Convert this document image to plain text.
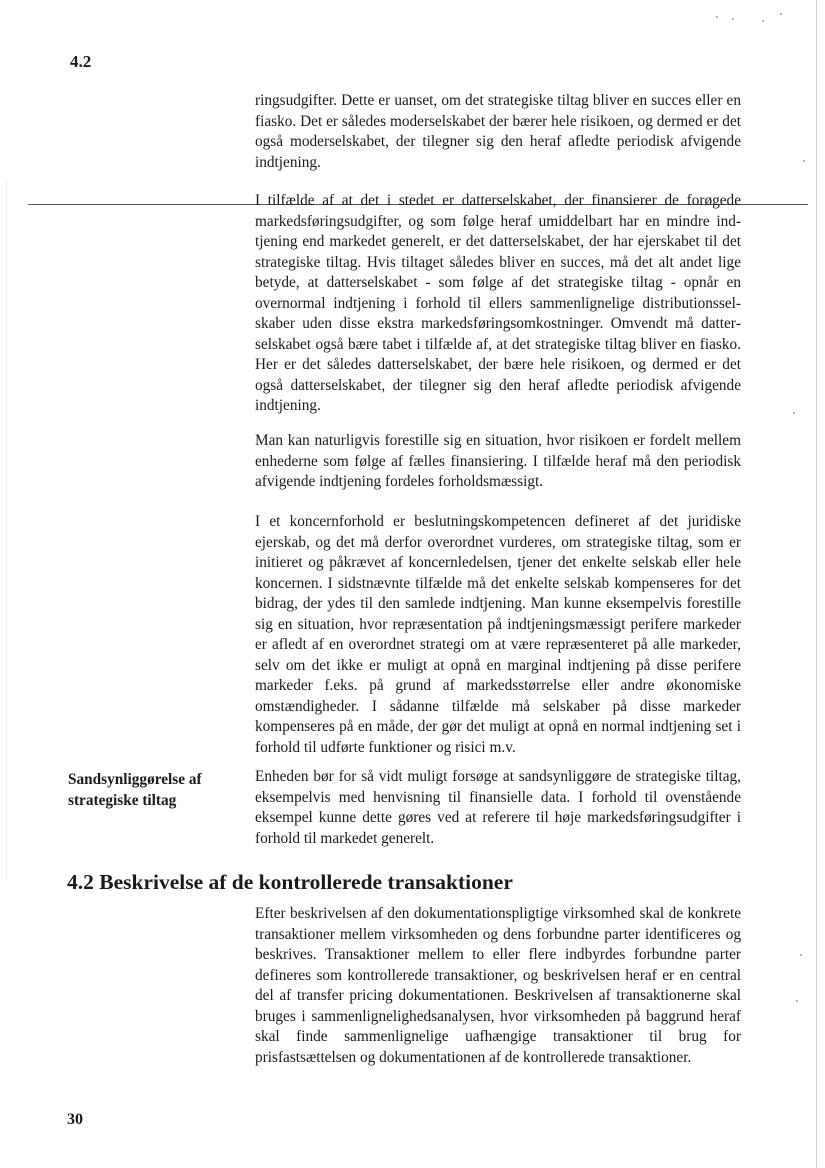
4.2

ringsudgifter. Dette er uanset, om det strategiske tiltag bliver en succes eller en fiasko. Det er således moderselskabet der bærer hele risikoen, og dermed er det også moderselskabet, der tilegner sig den heraf afledte periodisk afvigende indtjening.

I tilfælde af at det i stedet er datterselskabet, der finansierer de forøgede markedsføringsudgifter, og som følge heraf umiddelbart har en mindre indtjening end markedet generelt, er det datterselskabet, der har ejerskabet til det strategiske tiltag. Hvis tiltaget således bliver en succes, må det alt andet lige betyde, at datterselskabet - som følge af det strategiske tiltag - opnår en overnormal indtjening i forhold til ellers sammenlignelige distributionsselskaber uden disse ekstra markedsføringsomkostninger. Omvendt må datterselskabet også bære tabet i tilfælde af, at det strategiske tiltag bliver en fiasko. Her er det således datterselskabet, der bære hele risikoen, og dermed er det også datterselskabet, der tilegner sig den heraf afledte periodisk afvigende indtjening.

Man kan naturligvis forestille sig en situation, hvor risikoen er fordelt mellem enhederne som følge af fælles finansiering. I tilfælde heraf må den periodisk afvigende indtjening fordeles forholdsmæssigt.

I et koncernforhold er beslutningskompetencen defineret af det juridiske ejerskab, og det må derfor overordnet vurderes, om strategiske tiltag, som er initieret og påkrævet af koncernledelsen, tjener det enkelte selskab eller hele koncernen. I sidstnævnte tilfælde må det enkelte selskab kompenseres for det bidrag, der ydes til den samlede indtjening. Man kunne eksempelvis forestille sig en situation, hvor repræsentation på indtjeningsmæssigt perifere markeder er afledt af en overordnet strategi om at være repræsenteret på alle markeder, selv om det ikke er muligt at opnå en marginal indtjening på disse perifere markeder f.eks. på grund af markedsstørrelse eller andre økonomiske omstændigheder. I sådanne tilfælde må selskaber på disse markeder kompenseres på en måde, der gør det muligt at opnå en normal indtjening set i forhold til udførte funktioner og risici m.v.

Sandsynliggørelse af strategiske tiltag

Enheden bør for så vidt muligt forsøge at sandsynliggøre de strategiske tiltag, eksempelvis med henvisning til finansielle data. I forhold til ovenstående eksempel kunne dette gøres ved at referere til høje markedsføringsudgifter i forhold til markedet generelt.

4.2 Beskrivelse af de kontrollerede transaktioner

Efter beskrivelsen af den dokumentationspligtige virksomhed skal de konkrete transaktioner mellem virksomheden og dens forbundne parter identificeres og beskrives. Transaktioner mellem to eller flere indbyrdes forbundne parter defineres som kontrollerede transaktioner, og beskrivelsen heraf er en central del af transfer pricing dokumentationen. Beskrivelsen af transaktionerne skal bruges i sammenlignelighedsanalysen, hvor virksomheden på baggrund heraf skal finde sammenlignelige uafhængige transaktioner til brug for prisfastsættelsen og dokumentationen af de kontrollerede transaktioner.

30
